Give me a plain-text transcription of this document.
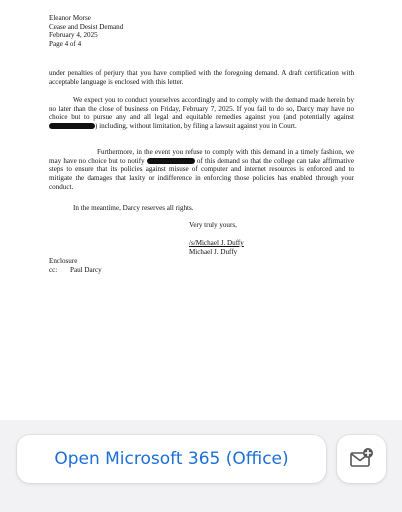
Eleanor Morse
Cease and Desist Demand
February 4, 2025
Page 4 of 4

under penalties of perjury that you have complied with the foregoing demand. A draft certification with acceptable language is enclosed with this letter.

We expect you to conduct yourselves accordingly and to comply with the demand made herein by no later than the close of business on Friday, February 7, 2025. If you fail to do so, Darcy may have no choice but to pursue any and all legal and equitable remedies against you (and potentially against ) including, without limitation, by filing a lawsuit against you in Court.

Furthermore, in the event you refuse to comply with this demand in a timely fashion, we may have no choice but to notify	of this demand so that the college can take affirmative steps to ensure that its policies against misuse of computer and internet resources is enforced and to mitigate the damages that laxity or indifference in enforcing those policies has enabled through your conduct.

In the meantime, Darcy reserves all rights.

Very truly yours,
/s/Michael J. Duffy
Michael J. Duffy
Enclosure
cc:	Paul Darcy
Open Microsoft 365 (Office)
